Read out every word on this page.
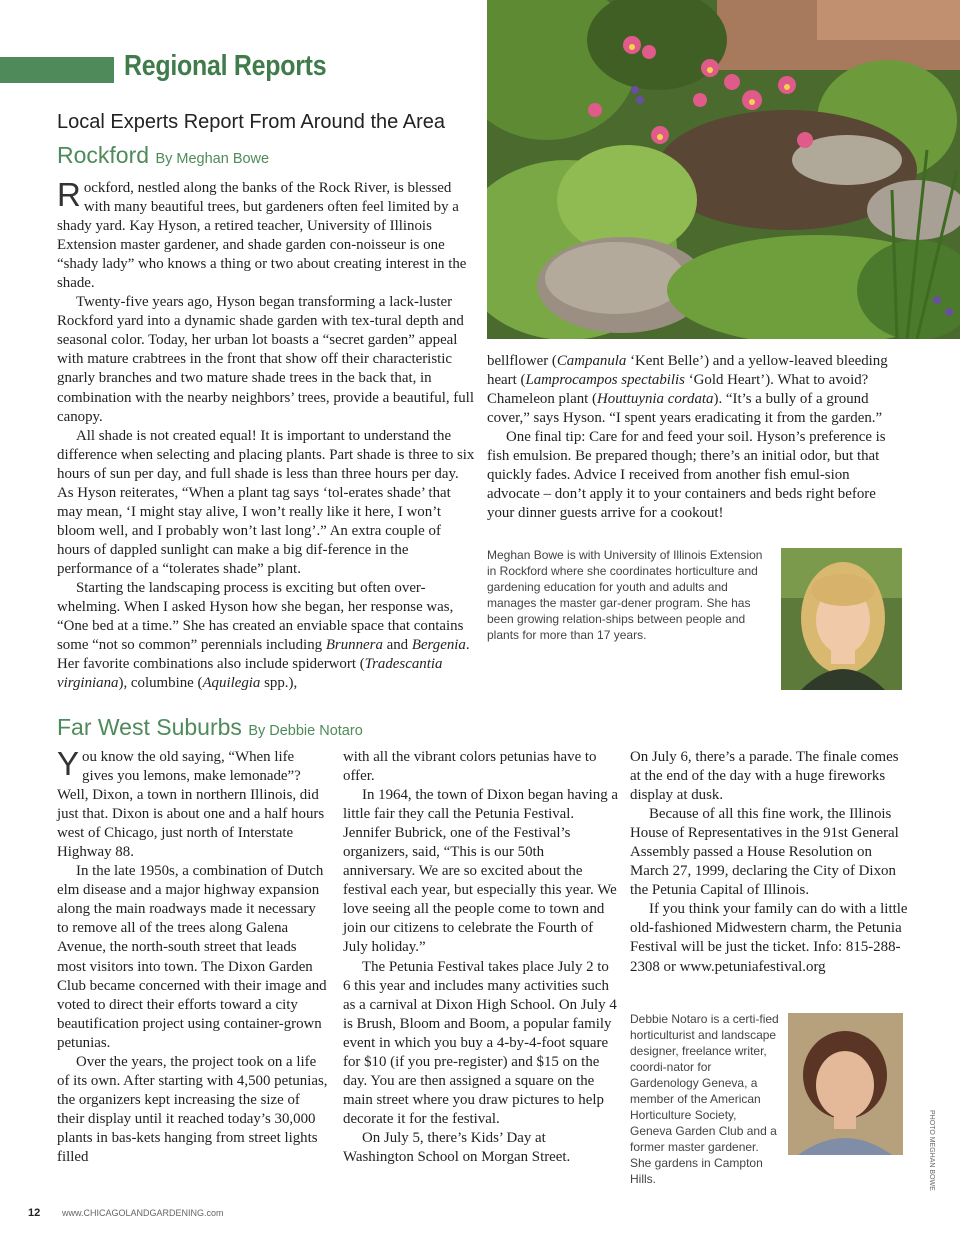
Regional Reports
Local Experts Report From Around the Area
Rockford By Meghan Bowe

Rockford, nestled along the banks of the Rock River, is blessed with many beautiful trees, but gardeners often feel limited by a shady yard. Kay Hyson, a retired teacher, University of Illinois Extension master gardener, and shade garden con-noisseur is one “shady lady” who knows a thing or two about creating interest in the shade.

Twenty-five years ago, Hyson began transforming a lack-luster Rockford yard into a dynamic shade garden with tex-tural depth and seasonal color. Today, her urban lot boasts a “secret garden” appeal with mature crabtrees in the front that show off their characteristic gnarly branches and two mature shade trees in the back that, in combination with the nearby neighbors’ trees, provide a beautiful, full canopy.

All shade is not created equal! It is important to understand the difference when selecting and placing plants. Part shade is three to six hours of sun per day, and full shade is less than three hours per day. As Hyson reiterates, “When a plant tag says ‘tol-erates shade’ that may mean, ‘I might stay alive, I won’t really like it here, I won’t bloom well, and I probably won’t last long’.” An extra couple of hours of dappled sunlight can make a big dif-ference in the performance of a “tolerates shade” plant.

Starting the landscaping process is exciting but often over-whelming. When I asked Hyson how she began, her response was, “One bed at a time.” She has created an enviable space that contains some “not so common” perennials including Brunnera and Bergenia. Her favorite combinations also include spiderwort (Tradescantia virginiana), columbine (Aquilegia spp.),

bellflower (Campanula ‘Kent Belle’) and a yellow-leaved bleeding heart (Lamprocampos spectabilis ‘Gold Heart’). What to avoid? Chameleon plant (Houttuynia cordata). “It’s a bully of a ground cover,” says Hyson. “I spent years eradicating it from the garden.”

One final tip: Care for and feed your soil. Hyson’s preference is fish emulsion. Be prepared though; there’s an initial odor, but that quickly fades. Advice I received from another fish emul-sion advocate – don’t apply it to your containers and beds right before your dinner guests arrive for a cookout!

Meghan Bowe is with University of Illinois Extension in Rockford where she coordinates horticulture and gardening education for youth and adults and manages the master gar-dener program. She has been growing relation-ships between people and plants for more than 17 years.
Far West Suburbs By Debbie Notaro

You know the old saying, “When life gives you lemons, make lemonade”? Well, Dixon, a town in northern Illinois, did just that. Dixon is about one and a half hours west of Chicago, just north of Interstate Highway 88.

In the late 1950s, a combination of Dutch elm disease and a major highway expansion along the main roadways made it necessary to remove all of the trees along Galena Avenue, the north-south street that leads most visitors into town. The Dixon Garden Club became concerned with their image and voted to direct their efforts toward a city beautification project using container-grown petunias.

Over the years, the project took on a life of its own. After starting with 4,500 petunias, the organizers kept increasing the size of their display until it reached today’s 30,000 plants in bas-kets hanging from street lights filled

with all the vibrant colors petunias have to offer.

In 1964, the town of Dixon began having a little fair they call the Petunia Festival. Jennifer Bubrick, one of the Festival’s organizers, said, “This is our 50th anniversary. We are so excited about the festival each year, but especially this year. We love seeing all the people come to town and join our citizens to celebrate the Fourth of July holiday.”

The Petunia Festival takes place July 2 to 6 this year and includes many activities such as a carnival at Dixon High School. On July 4 is Brush, Bloom and Boom, a popular family event in which you buy a 4-by-4-foot square for $10 (if you pre-register) and $15 on the day. You are then assigned a square on the main street where you draw pictures to help decorate it for the festival.

On July 5, there’s Kids’ Day at Washington School on Morgan Street.

On July 6, there’s a parade. The finale comes at the end of the day with a huge fireworks display at dusk.

Because of all this fine work, the Illinois House of Representatives in the 91st General Assembly passed a House Resolution on March 27, 1999, declaring the City of Dixon the Petunia Capital of Illinois.

If you think your family can do with a little old-fashioned Midwestern charm, the Petunia Festival will be just the ticket. Info: 815-288-2308 or www.petuniafestival.org

Debbie Notaro is a certi-fied horticulturist and landscape designer, freelance writer, coordi-nator for Gardenology Geneva, a member of the American Horticulture Society, Geneva Garden Club and a former master gardener. She gardens in Campton Hills.	PHOTO MEGHAN BOWE
12 www.CHICAGOLANDGARDENING.com
